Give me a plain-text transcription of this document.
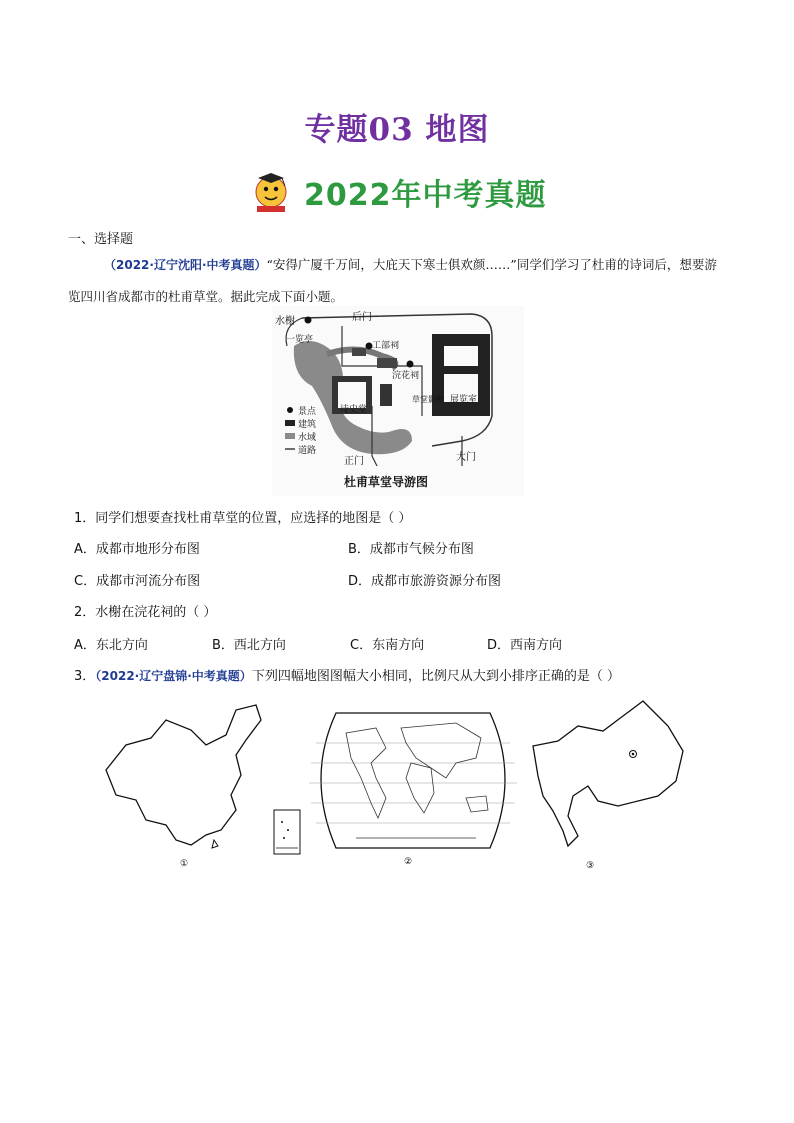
专题03 地图
2022年中考真题
一、选择题
（2022·辽宁沈阳·中考真题）“安得广厦千万间，大庇天下寒士俱欢颜……”同学们学习了杜甫的诗词后，想要游览四川省成都市的杜甫草堂。据此完成下面小题。
水榭	后门
一览亭
工部祠
浣花祠
草堂影壁
诗史堂
展览室
正门	大门
景点
建筑
水域
道路
杜甫草堂导游图
1．同学们想要查找杜甫草堂的位置，应选择的地图是（ ）
A．成都市地形分布图	B．成都市气候分布图
C．成都市河流分布图	D．成都市旅游资源分布图
2．水榭在浣花祠的（ ）
A．东北方向	B．西北方向	C．东南方向	D．西南方向
3．（2022·辽宁盘锦·中考真题）下列四幅地图图幅大小相同，比例尺从大到小排序正确的是（ ）
①	②	③
